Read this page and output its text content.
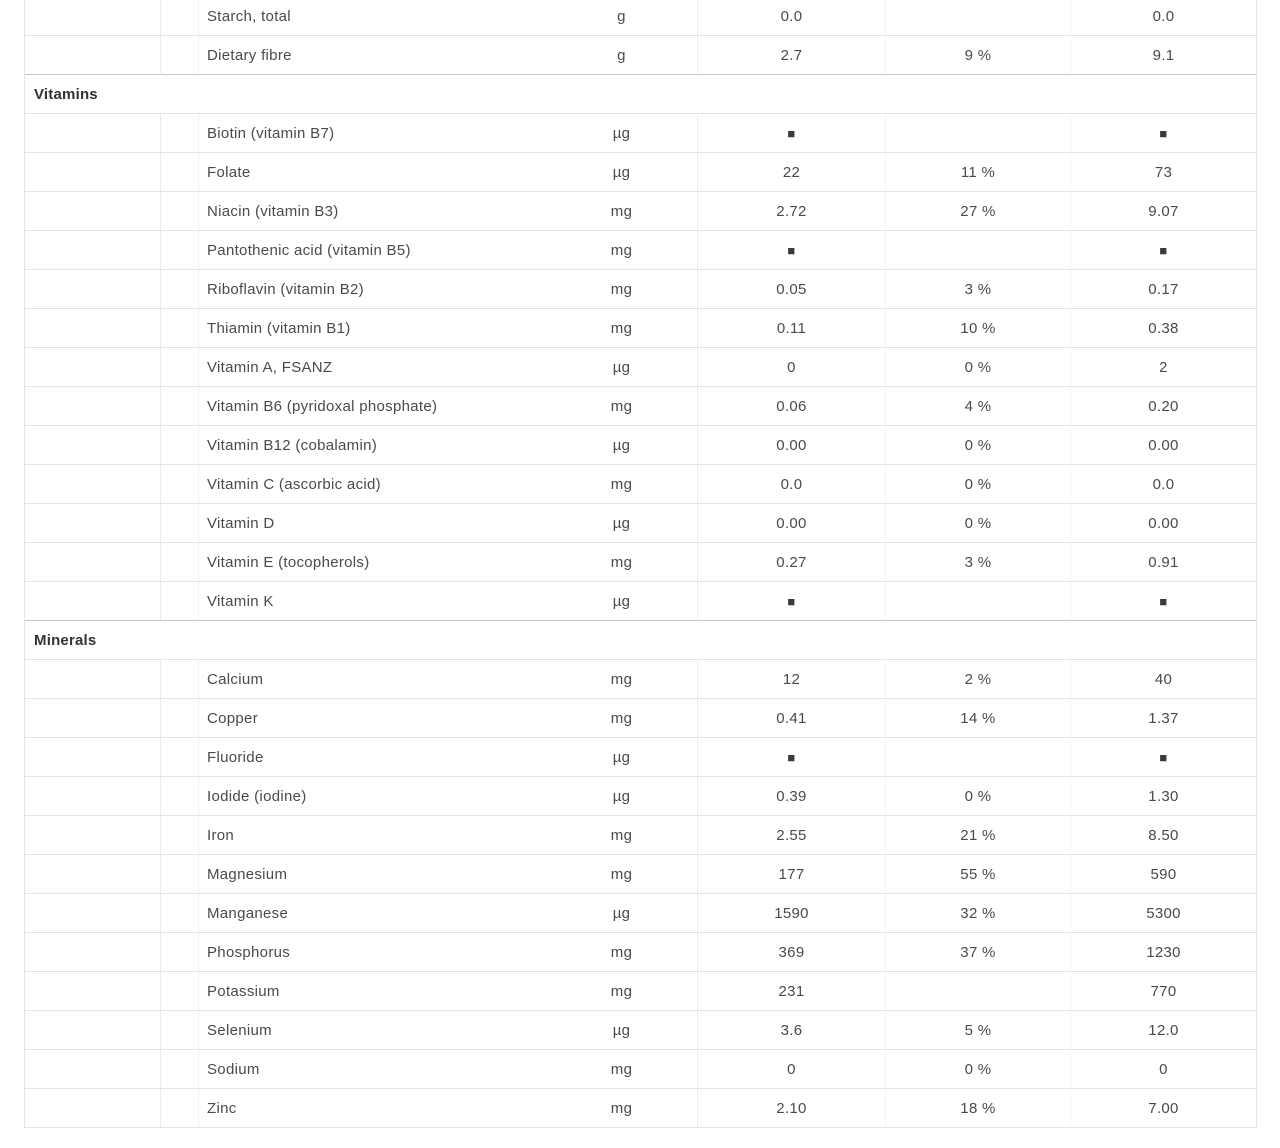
		Starch, total	g	0.0		0.0
		Dietary fibre	g	2.7	9 %	9.1
Vitamins						
		Biotin (vitamin B7)	µg	■		■
		Folate	µg	22	11 %	73
		Niacin (vitamin B3)	mg	2.72	27 %	9.07
		Pantothenic acid (vitamin B5)	mg	■		■
		Riboflavin (vitamin B2)	mg	0.05	3 %	0.17
		Thiamin (vitamin B1)	mg	0.11	10 %	0.38
		Vitamin A, FSANZ	µg	0	0 %	2
		Vitamin B6 (pyridoxal phosphate)	mg	0.06	4 %	0.20
		Vitamin B12 (cobalamin)	µg	0.00	0 %	0.00
		Vitamin C (ascorbic acid)	mg	0.0	0 %	0.0
		Vitamin D	µg	0.00	0 %	0.00
		Vitamin E (tocopherols)	mg	0.27	3 %	0.91
		Vitamin K	µg	■		■
Minerals						
		Calcium	mg	12	2 %	40
		Copper	mg	0.41	14 %	1.37
		Fluoride	µg	■		■
		Iodide (iodine)	µg	0.39	0 %	1.30
		Iron	mg	2.55	21 %	8.50
		Magnesium	mg	177	55 %	590
		Manganese	µg	1590	32 %	5300
		Phosphorus	mg	369	37 %	1230
		Potassium	mg	231		770
		Selenium	µg	3.6	5 %	12.0
		Sodium	mg	0	0 %	0
		Zinc	mg	2.10	18 %	7.00
